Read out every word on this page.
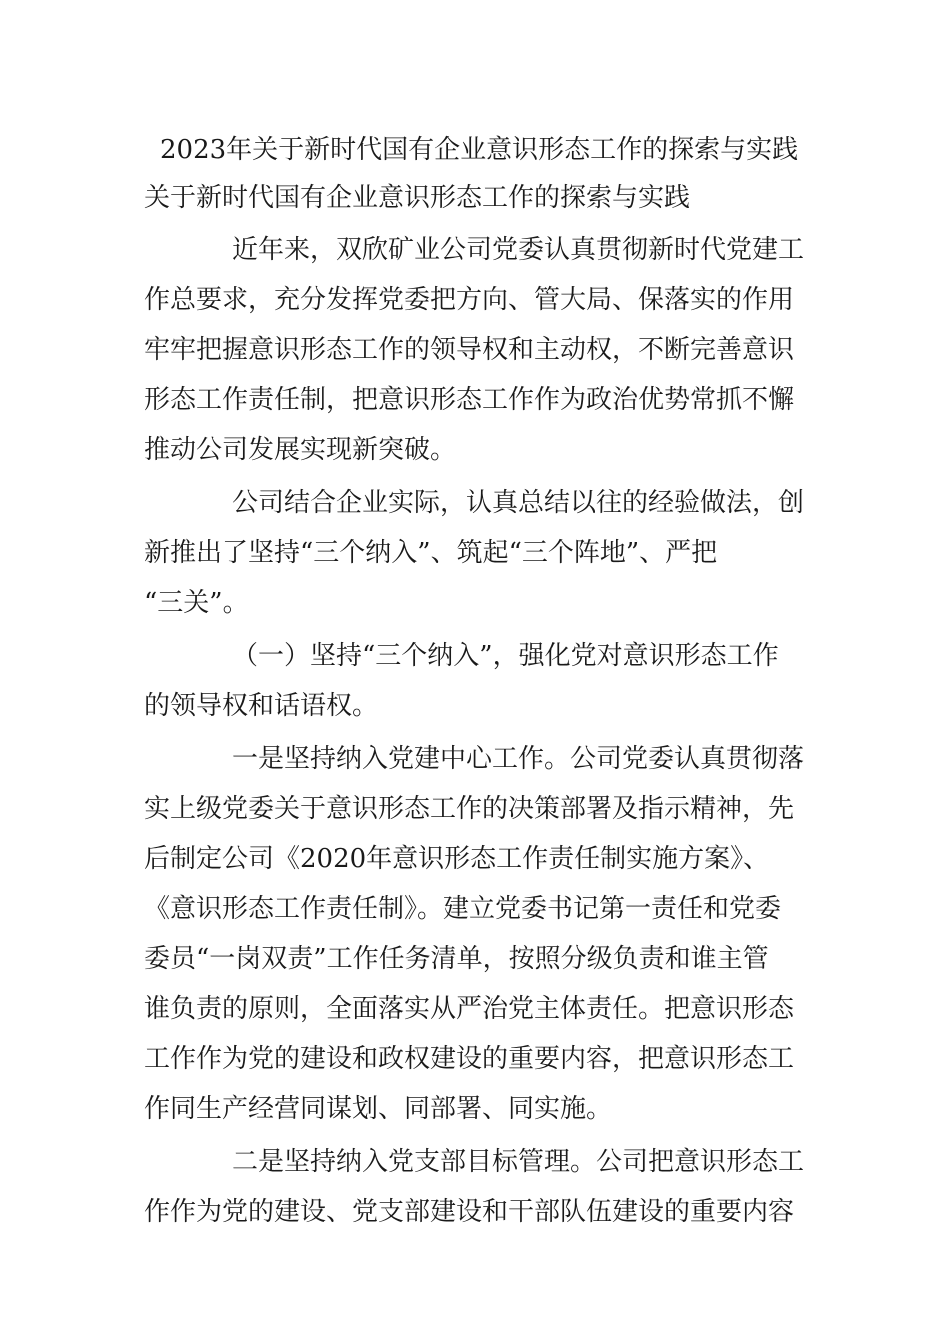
2023年关于新时代国有企业意识形态工作的探索与实践
关于新时代国有企业意识形态工作的探索与实践

近年来，双欣矿业公司党委认真贯彻新时代党建工
作总要求，充分发挥党委把方向、管大局、保落实的作用
牢牢把握意识形态工作的领导权和主动权，不断完善意识
形态工作责任制，把意识形态工作作为政治优势常抓不懈
推动公司发展实现新突破。

公司结合企业实际，认真总结以往的经验做法，创
新推出了坚持“三个纳入”、筑起“三个阵地”、严把
“三关”。

（一）坚持“三个纳入”，强化党对意识形态工作
的领导权和话语权。

一是坚持纳入党建中心工作。公司党委认真贯彻落
实上级党委关于意识形态工作的决策部署及指示精神，先
后制定公司《2020年意识形态工作责任制实施方案》、
《意识形态工作责任制》。建立党委书记第一责任和党委
委员“一岗双责”工作任务清单，按照分级负责和谁主管
谁负责的原则，全面落实从严治党主体责任。把意识形态
工作作为党的建设和政权建设的重要内容，把意识形态工
作同生产经营同谋划、同部署、同实施。

二是坚持纳入党支部目标管理。公司把意识形态工
作作为党的建设、党支部建设和干部队伍建设的重要内容
